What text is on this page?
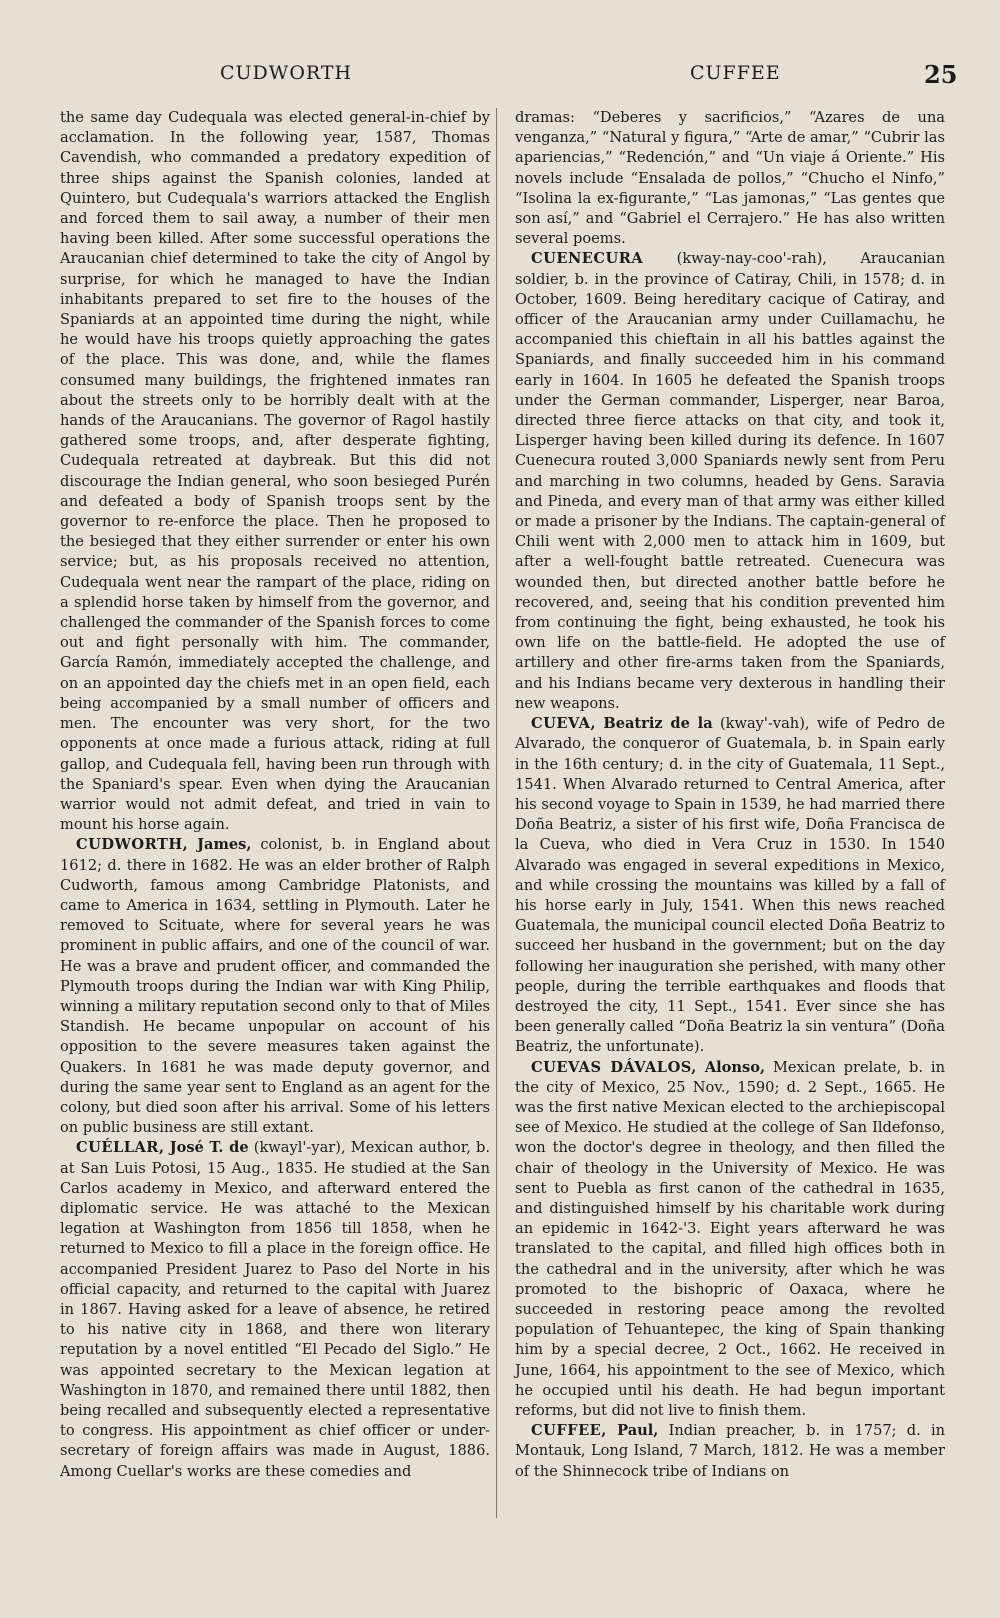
CUDWORTH	CUFFEE	25

the same day Cudequala was elected general-in-chief by acclamation. In the following year, 1587, Thomas Cavendish, who commanded a predatory expedition of three ships against the Spanish colonies, landed at Quintero, but Cudequala's warriors attacked the English and forced them to sail away, a number of their men having been killed. After some successful operations the Araucanian chief determined to take the city of Angol by surprise, for which he managed to have the Indian inhabitants prepared to set fire to the houses of the Spaniards at an appointed time during the night, while he would have his troops quietly approaching the gates of the place. This was done, and, while the flames consumed many buildings, the frightened inmates ran about the streets only to be horribly dealt with at the hands of the Araucanians. The governor of Ragol hastily gathered some troops, and, after desperate fighting, Cudequala retreated at daybreak. But this did not discourage the Indian general, who soon besieged Purén and defeated a body of Spanish troops sent by the governor to re-enforce the place. Then he proposed to the besieged that they either surrender or enter his own service; but, as his proposals received no attention, Cudequala went near the rampart of the place, riding on a splendid horse taken by himself from the governor, and challenged the commander of the Spanish forces to come out and fight personally with him. The commander, García Ramón, immediately accepted the challenge, and on an appointed day the chiefs met in an open field, each being accompanied by a small number of officers and men. The encounter was very short, for the two opponents at once made a furious attack, riding at full gallop, and Cudequala fell, having been run through with the Spaniard's spear. Even when dying the Araucanian warrior would not admit defeat, and tried in vain to mount his horse again.

CUDWORTH, James, colonist, b. in England about 1612; d. there in 1682. He was an elder brother of Ralph Cudworth, famous among Cambridge Platonists, and came to America in 1634, settling in Plymouth. Later he removed to Scituate, where for several years he was prominent in public affairs, and one of the council of war. He was a brave and prudent officer, and commanded the Plymouth troops during the Indian war with King Philip, winning a military reputation second only to that of Miles Standish. He became unpopular on account of his opposition to the severe measures taken against the Quakers. In 1681 he was made deputy governor, and during the same year sent to England as an agent for the colony, but died soon after his arrival. Some of his letters on public business are still extant.

CUÉLLAR, José T. de (kwayl'-yar), Mexican author, b. at San Luis Potosi, 15 Aug., 1835. He studied at the San Carlos academy in Mexico, and afterward entered the diplomatic service. He was attaché to the Mexican legation at Washington from 1856 till 1858, when he returned to Mexico to fill a place in the foreign office. He accompanied President Juarez to Paso del Norte in his official capacity, and returned to the capital with Juarez in 1867. Having asked for a leave of absence, he retired to his native city in 1868, and there won literary reputation by a novel entitled “El Pecado del Siglo.” He was appointed secretary to the Mexican legation at Washington in 1870, and remained there until 1882, then being recalled and subsequently elected a representative to congress. His appointment as chief officer or under-secretary of foreign affairs was made in August, 1886. Among Cuellar's works are these comedies and

dramas: “Deberes y sacrificios,” “Azares de una venganza,” “Natural y figura,” “Arte de amar,” “Cubrir las apariencias,” “Redención,” and “Un viaje á Oriente.” His novels include “Ensalada de pollos,” “Chucho el Ninfo,” “Isolina la ex-figurante,” “Las jamonas,” “Las gentes que son así,” and “Gabriel el Cerrajero.” He has also written several poems.

CUENECURA (kway-nay-coo'-rah), Araucanian soldier, b. in the province of Catiray, Chili, in 1578; d. in October, 1609. Being hereditary cacique of Catiray, and officer of the Araucanian army under Cuillamachu, he accompanied this chieftain in all his battles against the Spaniards, and finally succeeded him in his command early in 1604. In 1605 he defeated the Spanish troops under the German commander, Lisperger, near Baroa, directed three fierce attacks on that city, and took it, Lisperger having been killed during its defence. In 1607 Cuenecura routed 3,000 Spaniards newly sent from Peru and marching in two columns, headed by Gens. Saravia and Pineda, and every man of that army was either killed or made a prisoner by the Indians. The captain-general of Chili went with 2,000 men to attack him in 1609, but after a well-fought battle retreated. Cuenecura was wounded then, but directed another battle before he recovered, and, seeing that his condition prevented him from continuing the fight, being exhausted, he took his own life on the battle-field. He adopted the use of artillery and other fire-arms taken from the Spaniards, and his Indians became very dexterous in handling their new weapons.

CUEVA, Beatriz de la (kway'-vah), wife of Pedro de Alvarado, the conqueror of Guatemala, b. in Spain early in the 16th century; d. in the city of Guatemala, 11 Sept., 1541. When Alvarado returned to Central America, after his second voyage to Spain in 1539, he had married there Doña Beatriz, a sister of his first wife, Doña Francisca de la Cueva, who died in Vera Cruz in 1530. In 1540 Alvarado was engaged in several expeditions in Mexico, and while crossing the mountains was killed by a fall of his horse early in July, 1541. When this news reached Guatemala, the municipal council elected Doña Beatriz to succeed her husband in the government; but on the day following her inauguration she perished, with many other people, during the terrible earthquakes and floods that destroyed the city, 11 Sept., 1541. Ever since she has been generally called “Doña Beatriz la sin ventura” (Doña Beatriz, the unfortunate).

CUEVAS DÁVALOS, Alonso, Mexican prelate, b. in the city of Mexico, 25 Nov., 1590; d. 2 Sept., 1665. He was the first native Mexican elected to the archiepiscopal see of Mexico. He studied at the college of San Ildefonso, won the doctor's degree in theology, and then filled the chair of theology in the University of Mexico. He was sent to Puebla as first canon of the cathedral in 1635, and distinguished himself by his charitable work during an epidemic in 1642-'3. Eight years afterward he was translated to the capital, and filled high offices both in the cathedral and in the university, after which he was promoted to the bishopric of Oaxaca, where he succeeded in restoring peace among the revolted population of Tehuantepec, the king of Spain thanking him by a special decree, 2 Oct., 1662. He received in June, 1664, his appointment to the see of Mexico, which he occupied until his death. He had begun important reforms, but did not live to finish them.

CUFFEE, Paul, Indian preacher, b. in 1757; d. in Montauk, Long Island, 7 March, 1812. He was a member of the Shinnecock tribe of Indians on
